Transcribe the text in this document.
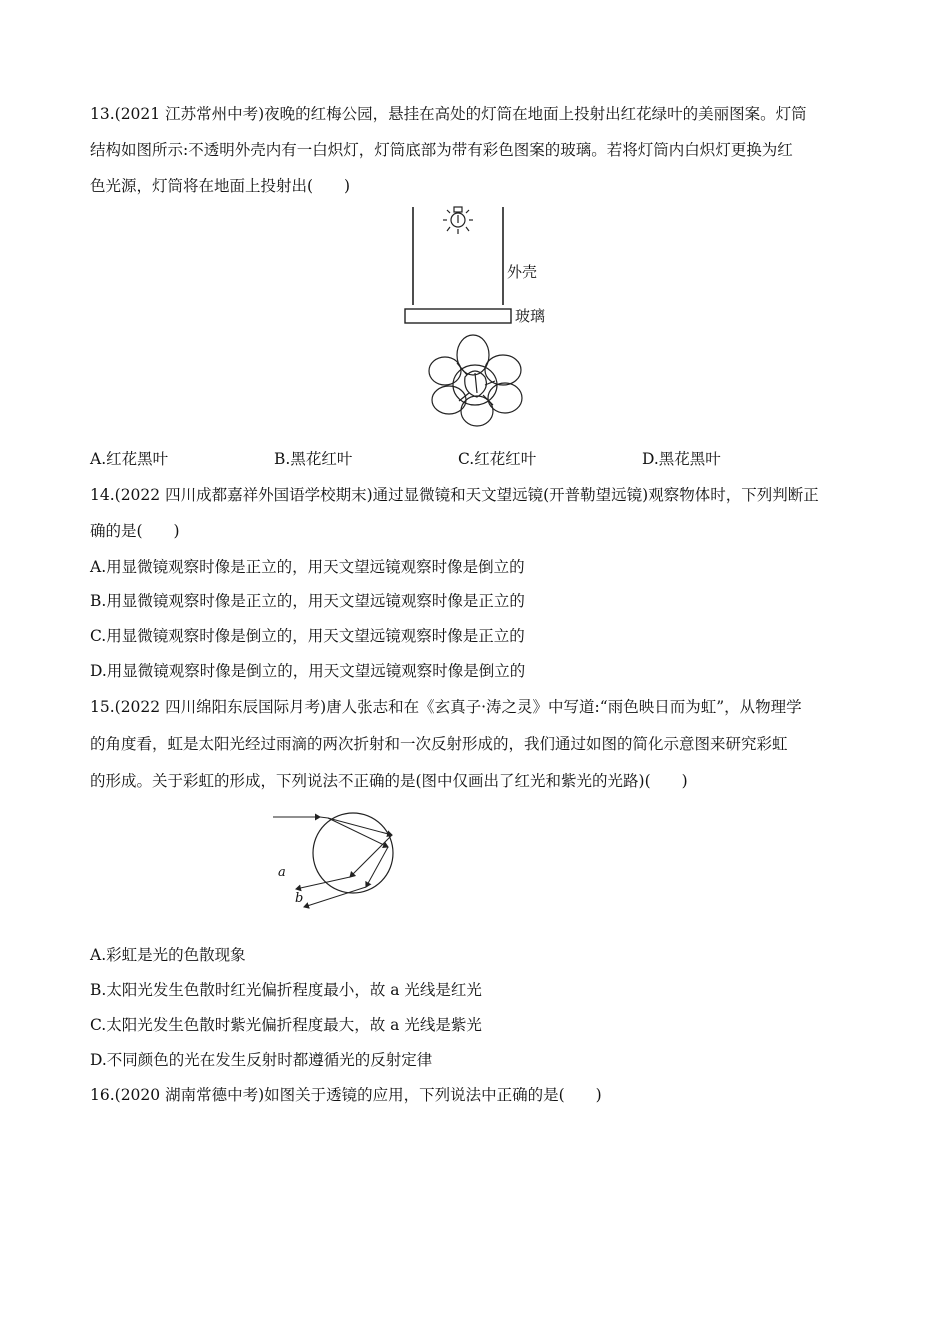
13.(2021 江苏常州中考)夜晚的红梅公园，悬挂在高处的灯筒在地面上投射出红花绿叶的美丽图案。灯筒
结构如图所示:不透明外壳内有一白炽灯，灯筒底部为带有彩色图案的玻璃。若将灯筒内白炽灯更换为红
色光源，灯筒将在地面上投射出(　　)
外壳
玻璃
A.红花黑叶	B.黑花红叶	C.红花红叶	D.黑花黑叶
14.(2022 四川成都嘉祥外国语学校期末)通过显微镜和天文望远镜(开普勒望远镜)观察物体时，下列判断正
确的是(　　)
A.用显微镜观察时像是正立的，用天文望远镜观察时像是倒立的
B.用显微镜观察时像是正立的，用天文望远镜观察时像是正立的
C.用显微镜观察时像是倒立的，用天文望远镜观察时像是正立的
D.用显微镜观察时像是倒立的，用天文望远镜观察时像是倒立的
15.(2022 四川绵阳东辰国际月考)唐人张志和在《玄真子·涛之灵》中写道:“雨色映日而为虹”，从物理学
的角度看，虹是太阳光经过雨滴的两次折射和一次反射形成的，我们通过如图的简化示意图来研究彩虹
的形成。关于彩虹的形成，下列说法不正确的是(图中仅画出了红光和紫光的光路)(　　)
a
b
A.彩虹是光的色散现象
B.太阳光发生色散时红光偏折程度最小，故 a 光线是红光
C.太阳光发生色散时紫光偏折程度最大，故 a 光线是紫光
D.不同颜色的光在发生反射时都遵循光的反射定律
16.(2020 湖南常德中考)如图关于透镜的应用，下列说法中正确的是(　　)
